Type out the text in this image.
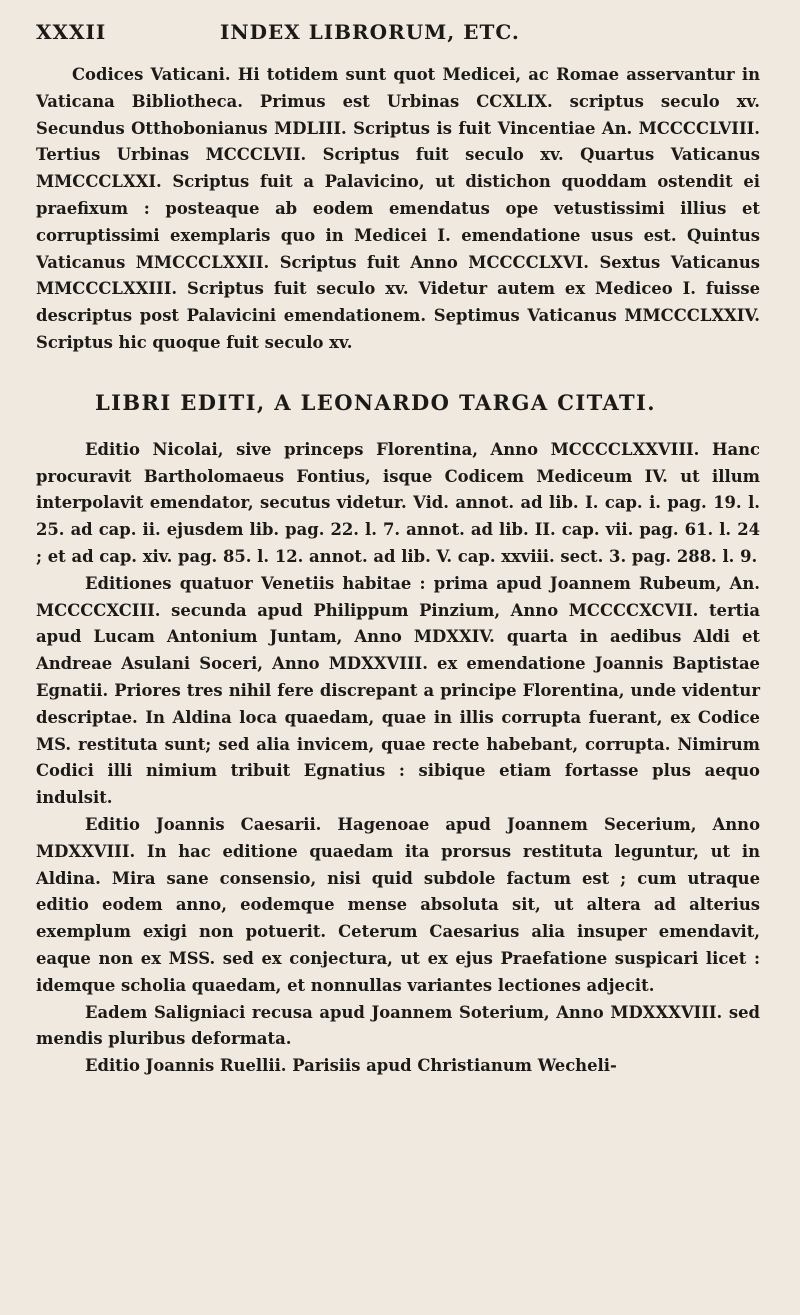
XXXII	INDEX LIBRORUM, ETC.

Codices Vaticani. Hi totidem sunt quot Medicei, ac Romae asservantur in Vaticana Bibliotheca. Primus est Urbinas CCXLIX. scriptus seculo xv. Secundus Otthobonianus MDLIII. Scriptus is fuit Vincentiae An. MCCCCLVIII. Tertius Urbinas MCCCLVII. Scriptus fuit seculo xv. Quartus Vaticanus MMCCCLXXI. Scriptus fuit a Palavicino, ut distichon quoddam ostendit ei praefixum : posteaque ab eodem emendatus ope vetustissimi illius et corruptissimi exemplaris quo in Medicei I. emendatione usus est. Quintus Vaticanus MMCCCLXXII. Scriptus fuit Anno MCCCCLXVI. Sextus Vaticanus MMCCCLXXIII. Scriptus fuit seculo xv. Videtur autem ex Mediceo I. fuisse descriptus post Palavicini emendationem. Septimus Vaticanus MMCCCLXXIV. Scriptus hic quoque fuit seculo xv.

LIBRI EDITI, A LEONARDO TARGA CITATI.

Editio Nicolai, sive princeps Florentina, Anno MCCCCLXXVIII. Hanc procuravit Bartholomaeus Fontius, isque Codicem Mediceum IV. ut illum interpolavit emendator, secutus videtur. Vid. annot. ad lib. I. cap. i. pag. 19. l. 25. ad cap. ii. ejusdem lib. pag. 22. l. 7. annot. ad lib. II. cap. vii. pag. 61. l. 24 ; et ad cap. xiv. pag. 85. l. 12. annot. ad lib. V. cap. xxviii. sect. 3. pag. 288. l. 9.

Editiones quatuor Venetiis habitae : prima apud Joannem Rubeum, An. MCCCCXCIII. secunda apud Philippum Pinzium, Anno MCCCCXCVII. tertia apud Lucam Antonium Juntam, Anno MDXXIV. quarta in aedibus Aldi et Andreae Asulani Soceri, Anno MDXXVIII. ex emendatione Joannis Baptistae Egnatii. Priores tres nihil fere discrepant a principe Florentina, unde videntur descriptae. In Aldina loca quaedam, quae in illis corrupta fuerant, ex Codice MS. restituta sunt; sed alia invicem, quae recte habebant, corrupta. Nimirum Codici illi nimium tribuit Egnatius : sibique etiam fortasse plus aequo indulsit.

Editio Joannis Caesarii. Hagenoae apud Joannem Secerium, Anno MDXXVIII. In hac editione quaedam ita prorsus restituta leguntur, ut in Aldina. Mira sane consensio, nisi quid subdole factum est ; cum utraque editio eodem anno, eodemque mense absoluta sit, ut altera ad alterius exemplum exigi non potuerit. Ceterum Caesarius alia insuper emendavit, eaque non ex MSS. sed ex conjectura, ut ex ejus Praefatione suspicari licet : idemque scholia quaedam, et nonnullas variantes lectiones adjecit.

Eadem Saligniaci recusa apud Joannem Soterium, Anno MDXXXVIII. sed mendis pluribus deformata.

Editio Joannis Ruellii. Parisiis apud Christianum Wecheli-
